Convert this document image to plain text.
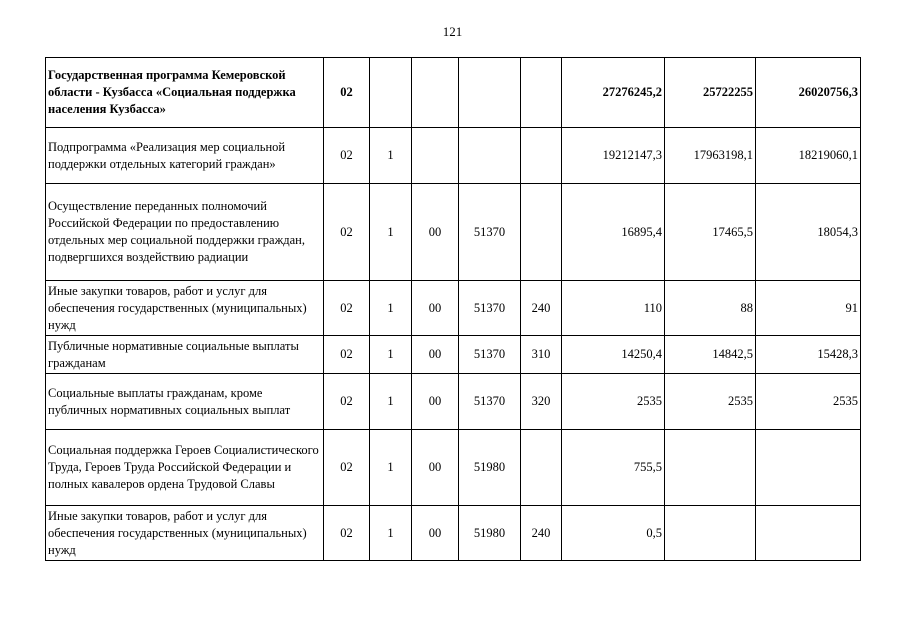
121
Государственная программа Кемеровской области - Кузбасса «Социальная поддержка населения Кузбасса»	02					27276245,2	25722255	26020756,3
Подпрограмма «Реализация мер социальной поддержки отдельных категорий граждан»	02	1				19212147,3	17963198,1	18219060,1
Осуществление переданных полномочий Российской Федерации по предоставлению отдельных мер социальной поддержки граждан, подвергшихся воздействию радиации	02	1	00	51370		16895,4	17465,5	18054,3
Иные закупки товаров, работ и услуг для обеспечения государственных (муниципальных) нужд	02	1	00	51370	240	110	88	91
Публичные нормативные социальные выплаты гражданам	02	1	00	51370	310	14250,4	14842,5	15428,3
Социальные выплаты гражданам, кроме публичных нормативных социальных выплат	02	1	00	51370	320	2535	2535	2535
Социальная поддержка Героев Социалистического Труда, Героев Труда Российской Федерации и полных кавалеров ордена Трудовой Славы	02	1	00	51980		755,5		
Иные закупки товаров, работ и услуг для обеспечения государственных (муниципальных) нужд	02	1	00	51980	240	0,5		
